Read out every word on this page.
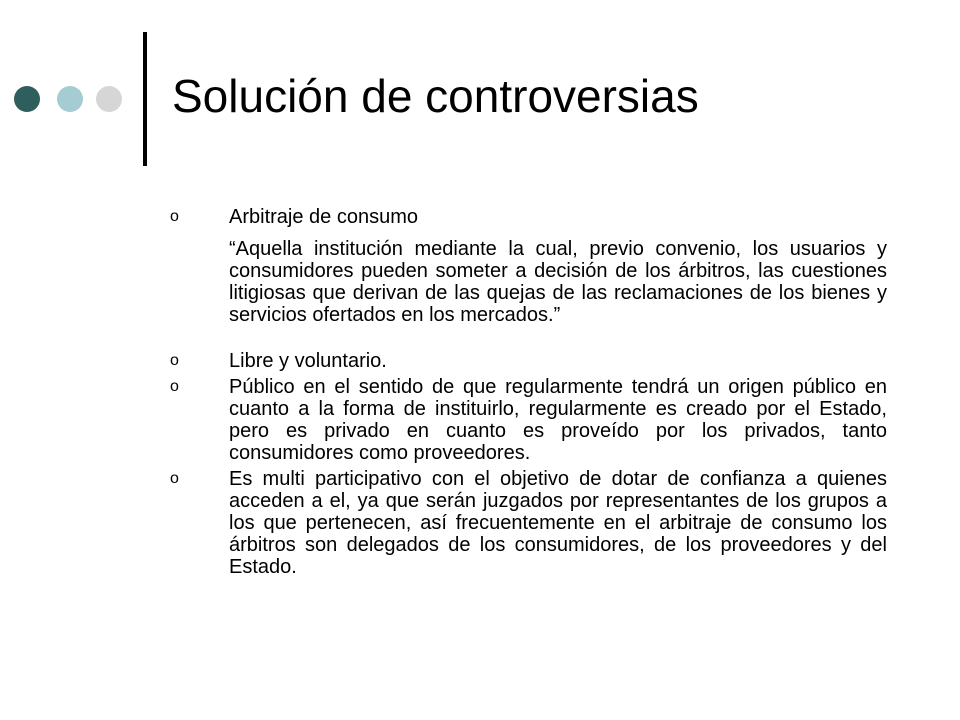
Solución de controversias
o	Arbitraje de consumo
“Aquella institución mediante la cual, previo convenio, los usuarios y consumidores pueden someter a decisión de los árbitros, las cuestiones litigiosas que derivan de las quejas de las reclamaciones de los bienes y servicios ofertados en los mercados.”
o	Libre y voluntario.
o	Público en el sentido de que regularmente tendrá un origen público en cuanto a la forma de instituirlo, regularmente es creado por el Estado, pero es privado en cuanto es proveído por los privados, tanto consumidores como proveedores.
o	Es multi participativo con el objetivo de dotar de confianza a quienes acceden a el, ya que serán juzgados por representantes de los grupos a los que pertenecen, así frecuentemente en el arbitraje de consumo los árbitros son delegados de los consumidores, de los proveedores y del Estado.
